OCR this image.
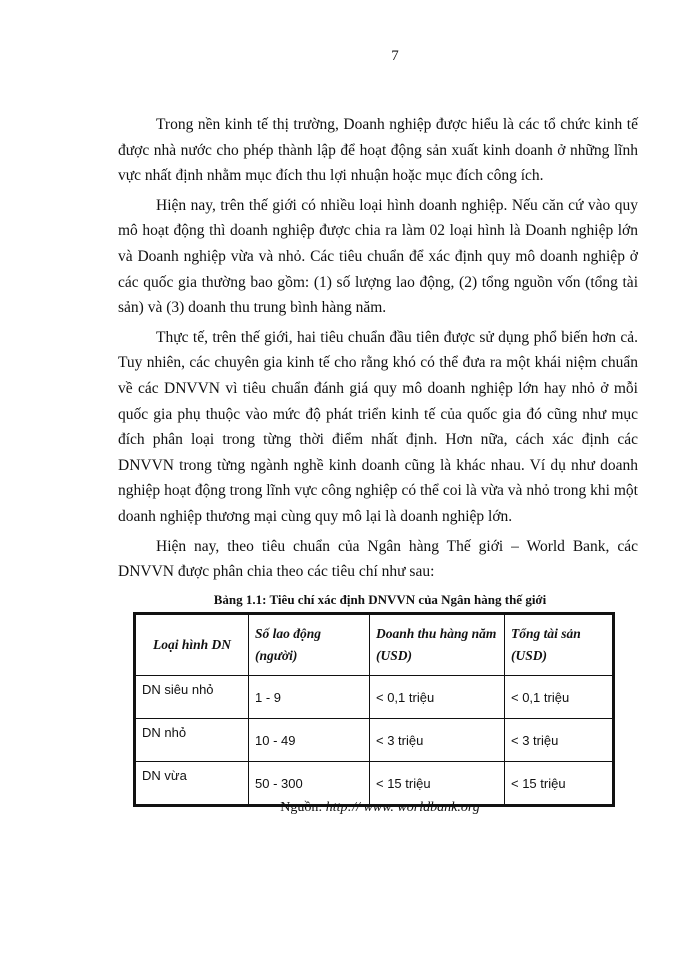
7

Trong nền kinh tế thị trường, Doanh nghiệp được hiểu là các tổ chức kinh tế được nhà nước cho phép thành lập để hoạt động sản xuất kinh doanh ở những lĩnh vực nhất định nhằm mục đích thu lợi nhuận hoặc mục đích công ích.

Hiện nay, trên thế giới có nhiều loại hình doanh nghiệp. Nếu căn cứ vào quy mô hoạt động thì doanh nghiệp được chia ra làm 02 loại hình là Doanh nghiệp lớn và Doanh nghiệp vừa và nhỏ. Các tiêu chuẩn để xác định quy mô doanh nghiệp ở các quốc gia thường bao gồm: (1) số lượng lao động, (2) tổng nguồn vốn (tổng tài sản) và (3) doanh thu trung bình hàng năm.

Thực tế, trên thế giới, hai tiêu chuẩn đầu tiên được sử dụng phổ biến hơn cả. Tuy nhiên, các chuyên gia kinh tế cho rằng khó có thể đưa ra một khái niệm chuẩn về các DNVVN vì tiêu chuẩn đánh giá quy mô doanh nghiệp lớn hay nhỏ ở mỗi quốc gia phụ thuộc vào mức độ phát triển kinh tế của quốc gia đó cũng như mục đích phân loại trong từng thời điểm nhất định. Hơn nữa, cách xác định các DNVVN trong từng ngành nghề kinh doanh cũng là khác nhau. Ví dụ như doanh nghiệp hoạt động trong lĩnh vực công nghiệp có thể coi là vừa và nhỏ trong khi một doanh nghiệp thương mại cùng quy mô lại là doanh nghiệp lớn.

Hiện nay, theo tiêu chuẩn của Ngân hàng Thế giới – World Bank, các DNVVN được phân chia theo các tiêu chí như sau:

Bảng 1.1: Tiêu chí xác định DNVVN của Ngân hàng thế giới
Loại hình DN	Số lao động (người)	Doanh thu hàng năm (USD)	Tổng tài sản (USD)
DN siêu nhỏ	1 - 9	< 0,1 triệu	< 0,1 triệu
DN nhỏ	10 - 49	< 3 triệu	< 3 triệu
DN vừa	50 - 300	< 15 triệu	< 15 triệu
Nguồn: http:// www. worldbank.org
